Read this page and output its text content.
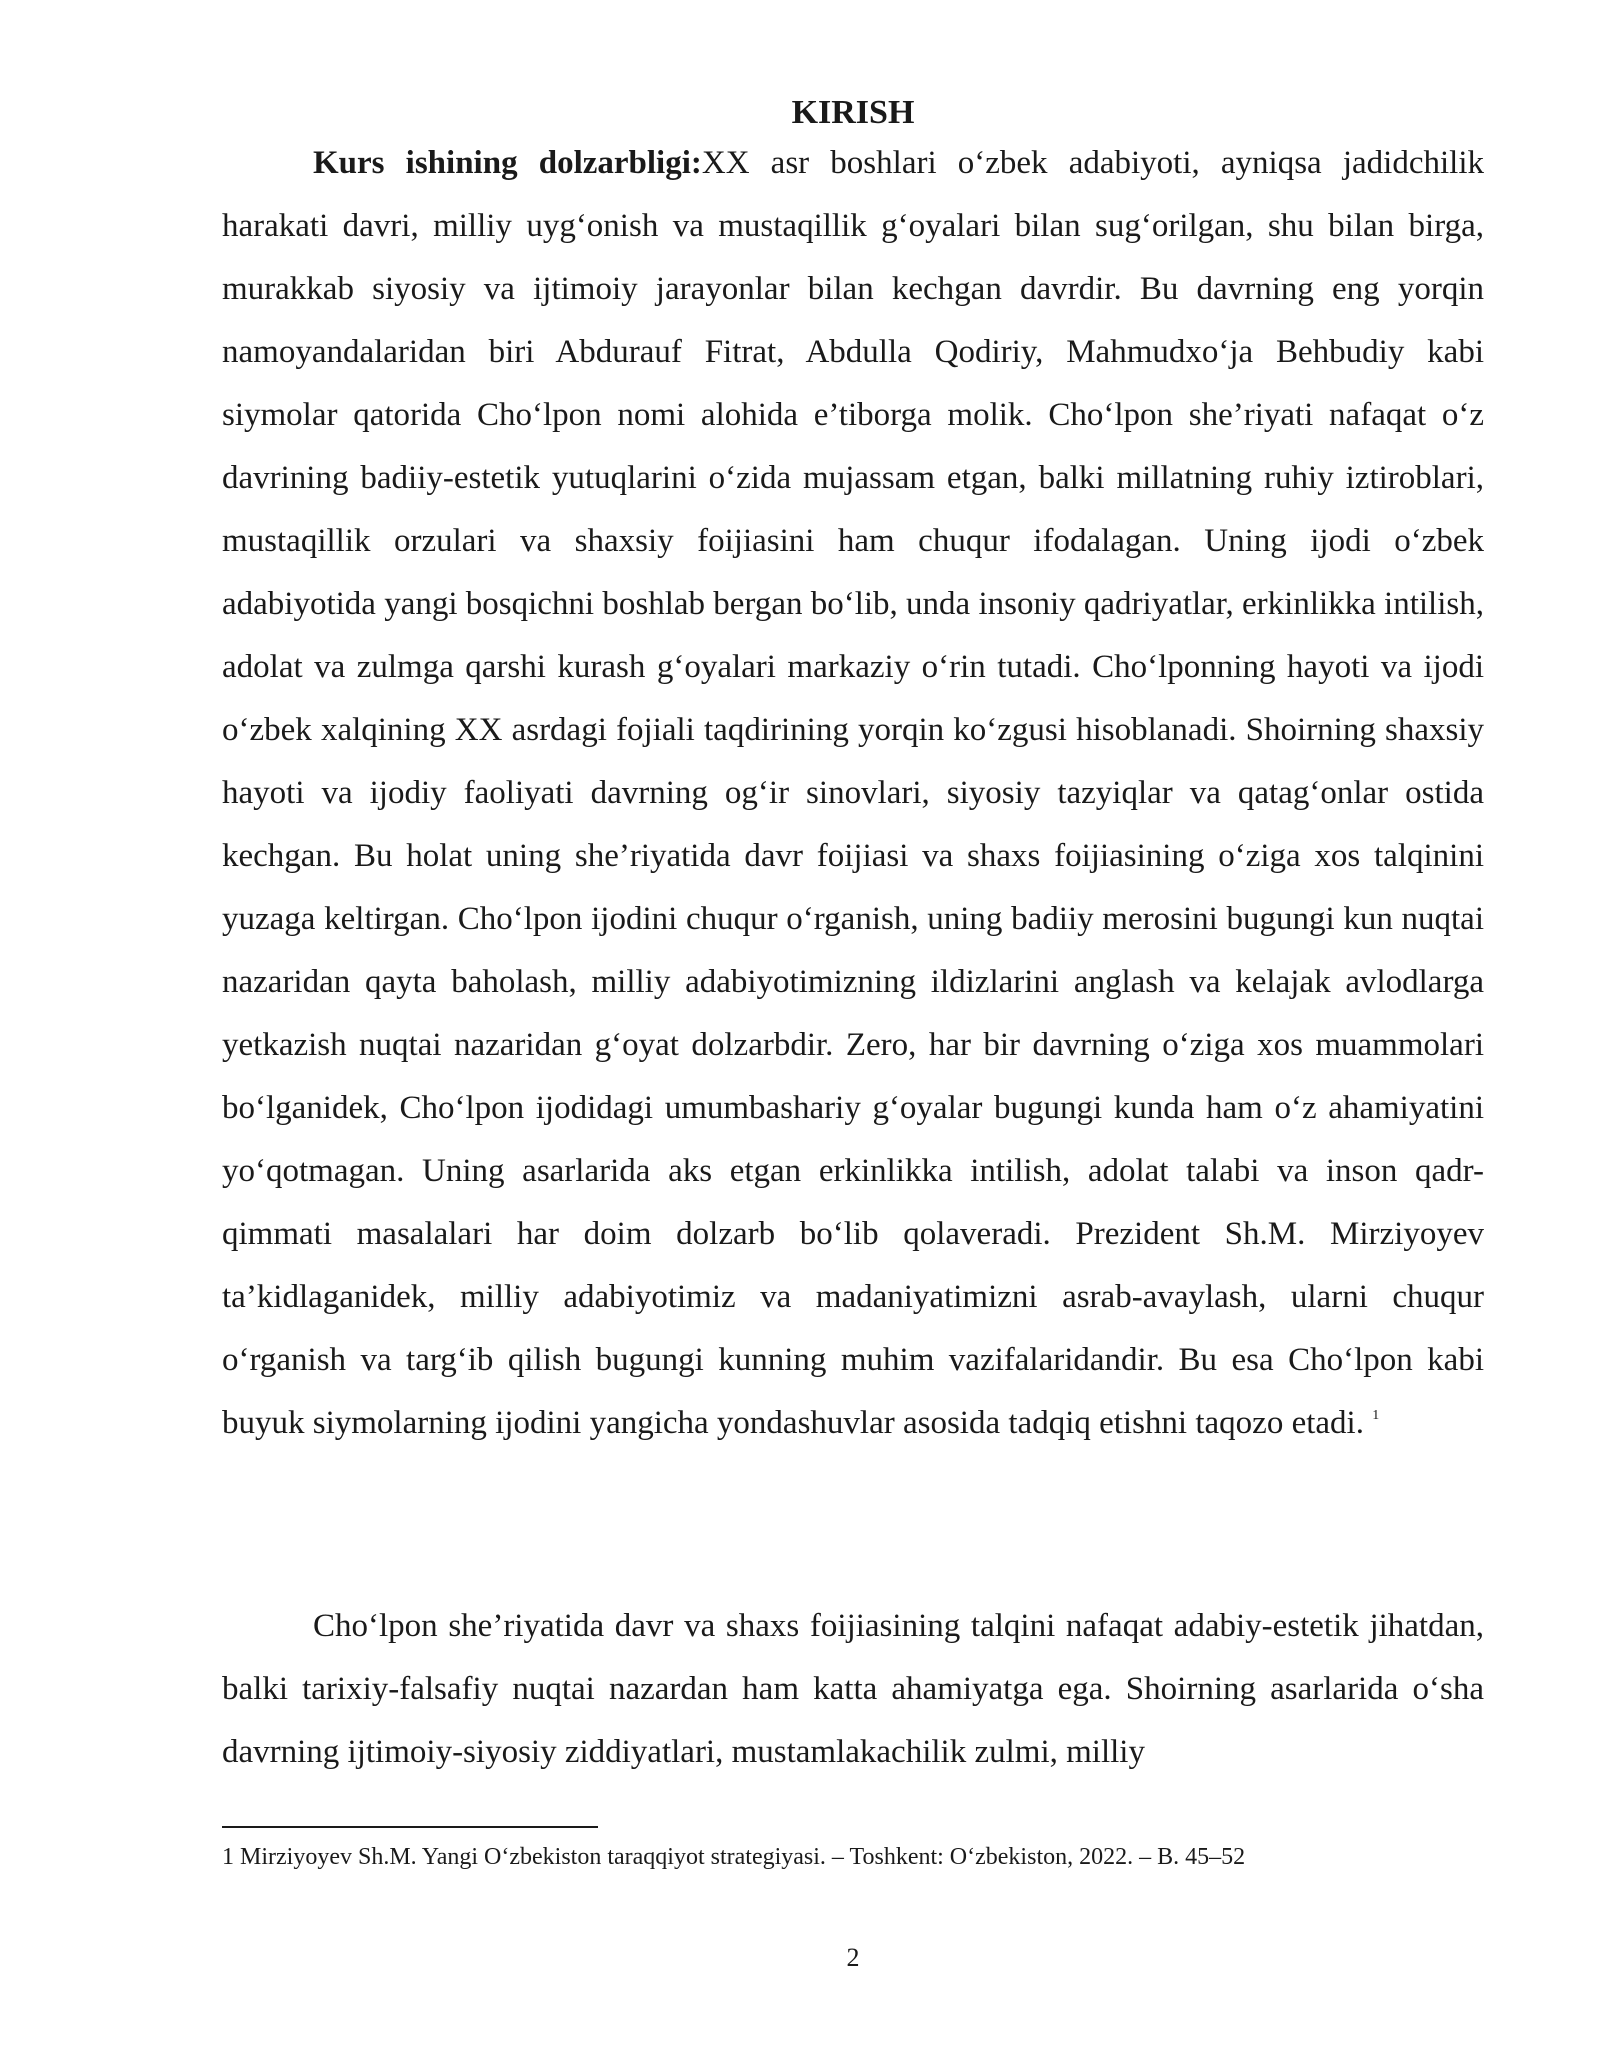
KIRISH

Kurs ishining dolzarbligi:XX asr boshlari o‘zbek adabiyoti, ayniqsa jadidchilik harakati davri, milliy uyg‘onish va mustaqillik g‘oyalari bilan sug‘orilgan, shu bilan birga, murakkab siyosiy va ijtimoiy jarayonlar bilan kechgan davrdir. Bu davrning eng yorqin namoyandalaridan biri Abdurauf Fitrat, Abdulla Qodiriy, Mahmudxo‘ja Behbudiy kabi siymolar qatorida Cho‘lpon nomi alohida e’tiborga molik. Cho‘lpon she’riyati nafaqat o‘z davrining badiiy-estetik yutuqlarini o‘zida mujassam etgan, balki millatning ruhiy iztiroblari, mustaqillik orzulari va shaxsiy foijiasini ham chuqur ifodalagan. Uning ijodi o‘zbek adabiyotida yangi bosqichni boshlab bergan bo‘lib, unda insoniy qadriyatlar, erkinlikka intilish, adolat va zulmga qarshi kurash g‘oyalari markaziy o‘rin tutadi. Cho‘lponning hayoti va ijodi o‘zbek xalqining XX asrdagi fojiali taqdirining yorqin ko‘zgusi hisoblanadi. Shoirning shaxsiy hayoti va ijodiy faoliyati davrning og‘ir sinovlari, siyosiy tazyiqlar va qatag‘onlar ostida kechgan. Bu holat uning she’riyatida davr foijiasi va shaxs foijiasining o‘ziga xos talqinini yuzaga keltirgan. Cho‘lpon ijodini chuqur o‘rganish, uning badiiy merosini bugungi kun nuqtai nazaridan qayta baholash, milliy adabiyotimizning ildizlarini anglash va kelajak avlodlarga yetkazish nuqtai nazaridan g‘oyat dolzarbdir. Zero, har bir davrning o‘ziga xos muammolari bo‘lganidek, Cho‘lpon ijodidagi umumbashariy g‘oyalar bugungi kunda ham o‘z ahamiyatini yo‘qotmagan. Uning asarlarida aks etgan erkinlikka intilish, adolat talabi va inson qadr-qimmati masalalari har doim dolzarb bo‘lib qolaveradi. Prezident Sh.M. Mirziyoyev ta’kidlaganidek, milliy adabiyotimiz va madaniyatimizni asrab-avaylash, ularni chuqur o‘rganish va targ‘ib qilish bugungi kunning muhim vazifalaridandir. Bu esa Cho‘lpon kabi buyuk siymolarning ijodini yangicha yondashuvlar asosida tadqiq etishni taqozo etadi. $^1$

Cho‘lpon she’riyatida davr va shaxs foijiasining talqini nafaqat adabiy-estetik jihatdan, balki tarixiy-falsafiy nuqtai nazardan ham katta ahamiyatga ega. Shoirning asarlarida o‘sha davrning ijtimoiy-siyosiy ziddiyatlari, mustamlakachilik zulmi, milliy

1 Mirziyoyev Sh.M. Yangi O‘zbekiston taraqqiyot strategiyasi. – Toshkent: O‘zbekiston, 2022. – B. 45–52

2
